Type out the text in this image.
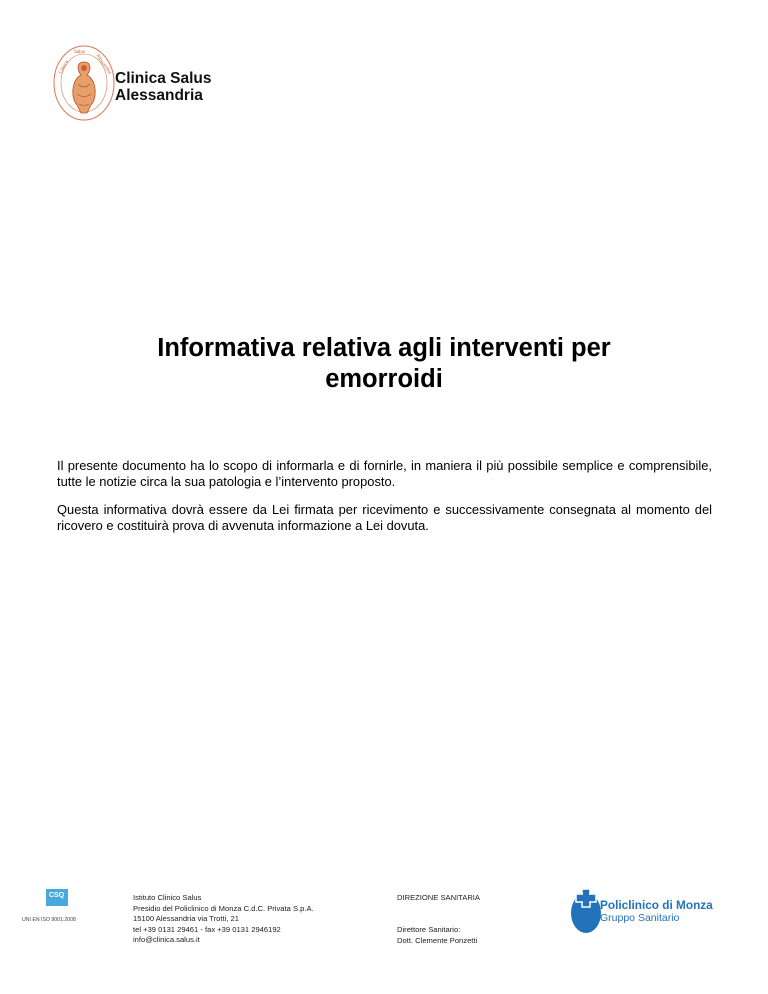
Clinica
Salus
Alessandria
Clinica Salus
Alessandria
Informativa relativa agli interventi per
emorroidi

Il presente documento ha lo scopo di informarla e di fornirle, in maniera il più possibile semplice e comprensibile, tutte le notizie circa la sua patologia e l’intervento proposto.

Questa informativa dovrà essere da Lei firmata per ricevimento e successivamente consegnata al momento del ricovero e costituirà prova di avvenuta informazione a Lei dovuta.

CSQ
UNI EN ISO 9001:2008
Istituto Clinico Salus
Presidio del Policlinico di Monza C.d.C. Privata S.p.A.
15100 Alessandria via Trotti, 21
tel +39 0131 29461 - fax +39 0131 2946192
info@clinica.salus.it
DIREZIONE SANITARIA
Direttore Sanitario:
Dott. Clemente Ponzetti
Policlinico di Monza
Gruppo Sanitario
